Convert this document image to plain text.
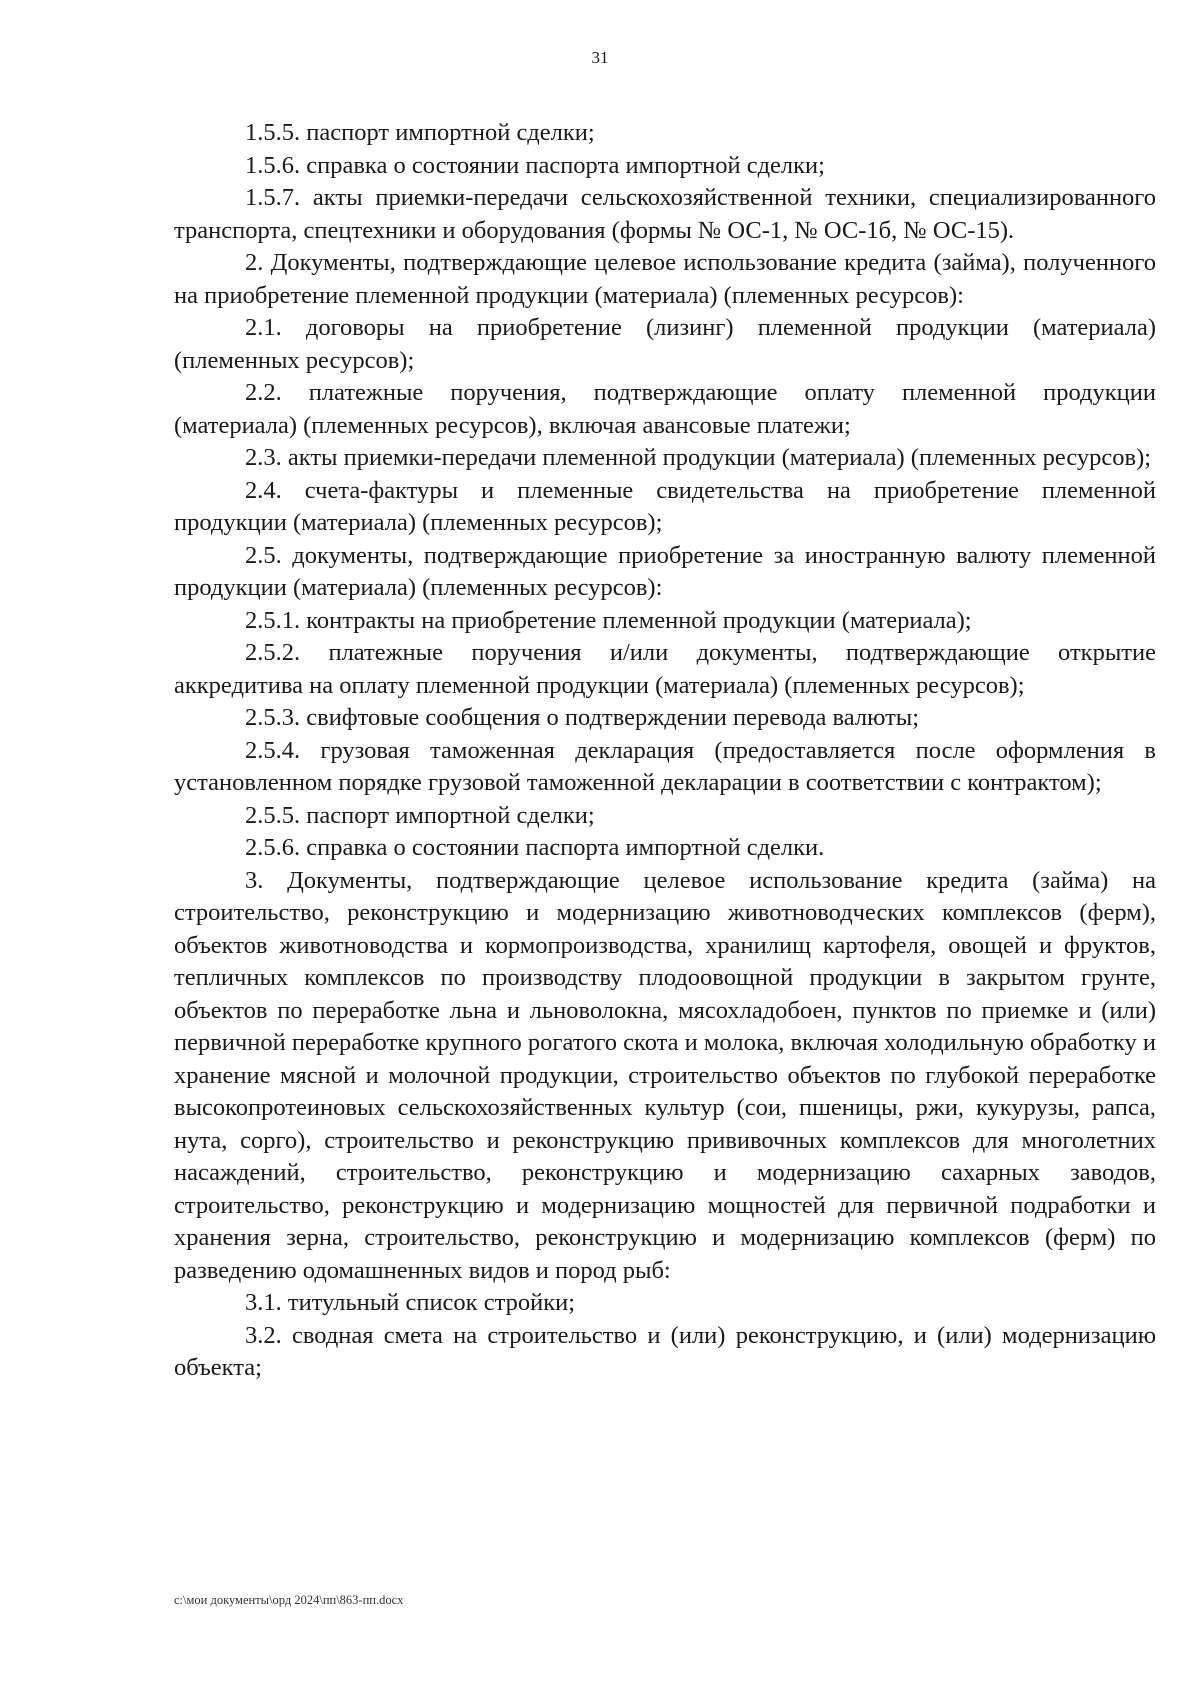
31

1.5.5. паспорт импортной сделки;

1.5.6. справка о состоянии паспорта импортной сделки;

1.5.7. акты приемки-передачи сельскохозяйственной техники, специализированного транспорта, спецтехники и оборудования (формы № ОС-1, № ОС-1б, № ОС-15).

2. Документы, подтверждающие целевое использование кредита (займа), полученного на приобретение племенной продукции (материала) (племенных ресурсов):

2.1. договоры на приобретение (лизинг) племенной продукции (материала) (племенных ресурсов);

2.2. платежные поручения, подтверждающие оплату племенной продукции (материала) (племенных ресурсов), включая авансовые платежи;

2.3. акты приемки-передачи племенной продукции (материала) (племенных ресурсов);

2.4. счета-фактуры и племенные свидетельства на приобретение племенной продукции (материала) (племенных ресурсов);

2.5. документы, подтверждающие приобретение за иностранную валюту племенной продукции (материала) (племенных ресурсов):

2.5.1. контракты на приобретение племенной продукции (материала);

2.5.2. платежные поручения и/или документы, подтверждающие открытие аккредитива на оплату племенной продукции (материала) (племенных ресурсов);

2.5.3. свифтовые сообщения о подтверждении перевода валюты;

2.5.4. грузовая таможенная декларация (предоставляется после оформления в установленном порядке грузовой таможенной декларации в соответствии с контрактом);

2.5.5. паспорт импортной сделки;

2.5.6. справка о состоянии паспорта импортной сделки.

3. Документы, подтверждающие целевое использование кредита (займа) на строительство, реконструкцию и модернизацию животноводческих комплексов (ферм), объектов животноводства и кормопроизводства, хранилищ картофеля, овощей и фруктов, тепличных комплексов по производству плодоовощной продукции в закрытом грунте, объектов по переработке льна и льноволокна, мясохладобоен, пунктов по приемке и (или) первичной переработке крупного рогатого скота и молока, включая холодильную обработку и хранение мясной и молочной продукции, строительство объектов по глубокой переработке высокопротеиновых сельскохозяйственных культур (сои, пшеницы, ржи, кукурузы, рапса, нута, сорго), строительство и реконструкцию прививочных комплексов для многолетних насаждений, строительство, реконструкцию и модернизацию сахарных заводов, строительство, реконструкцию и модернизацию мощностей для первичной подработки и хранения зерна, строительство, реконструкцию и модернизацию комплексов (ферм) по разведению одомашненных видов и пород рыб:

3.1. титульный список стройки;

3.2. сводная смета на строительство и (или) реконструкцию, и (или) модернизацию объекта;

c:\мои документы\орд 2024\пп\863-пп.docx
